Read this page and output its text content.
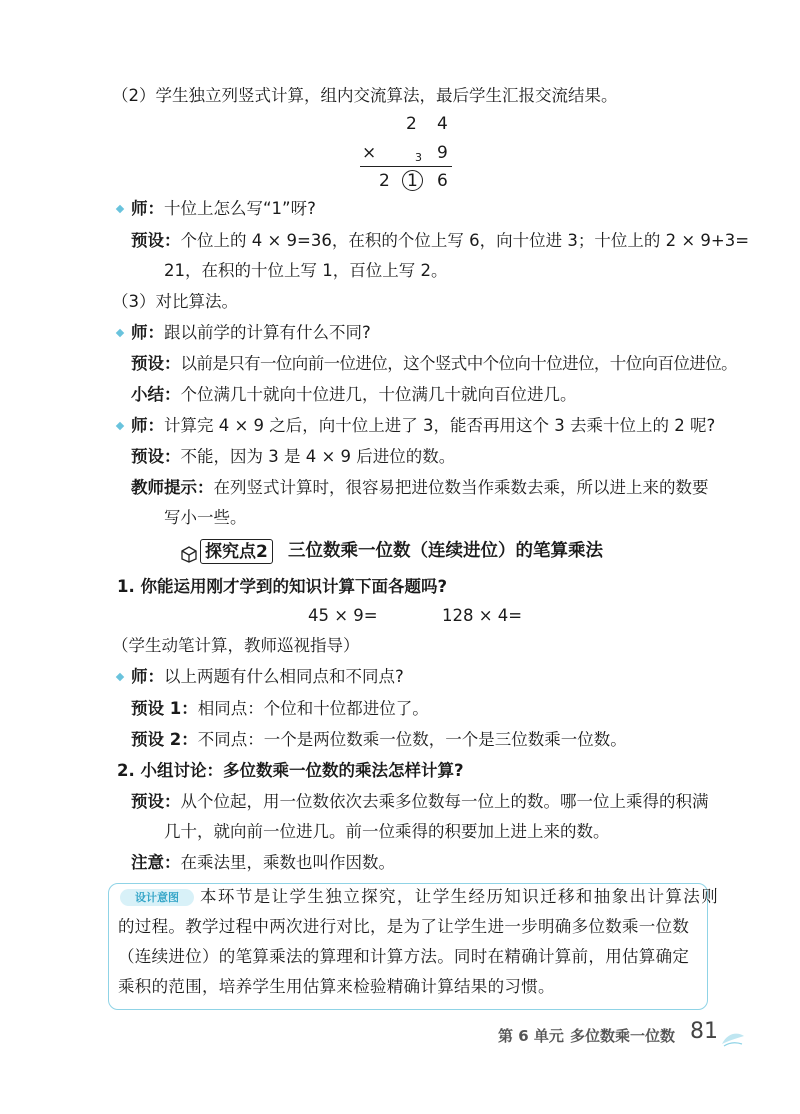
（2）学生独立列竖式计算，组内交流算法，最后学生汇报交流结果。
2 4
×	3 9
2 1 6
师：十位上怎么写“1”呀?
预设：个位上的 4 × 9=36，在积的个位上写 6，向十位进 3；十位上的 2 × 9+3=
21，在积的十位上写 1，百位上写 2。
（3）对比算法。
师：跟以前学的计算有什么不同?
预设：以前是只有一位向前一位进位，这个竖式中个位向十位进位，十位向百位进位。
小结：个位满几十就向十位进几，十位满几十就向百位进几。
师：计算完 4 × 9 之后，向十位上进了 3，能否再用这个 3 去乘十位上的 2 呢?
预设：不能，因为 3 是 4 × 9 后进位的数。
教师提示：在列竖式计算时，很容易把进位数当作乘数去乘，所以进上来的数要
写小一些。
探究点2 三位数乘一位数（连续进位）的笔算乘法
1. 你能运用刚才学到的知识计算下面各题吗?
45 × 9=	128 × 4=
（学生动笔计算，教师巡视指导）
师：以上两题有什么相同点和不同点?
预设 1：相同点：个位和十位都进位了。
预设 2：不同点：一个是两位数乘一位数，一个是三位数乘一位数。
2. 小组讨论：多位数乘一位数的乘法怎样计算?
预设：从个位起，用一位数依次去乘多位数每一位上的数。哪一位上乘得的积满
几十，就向前一位进几。前一位乘得的积要加上进上来的数。
注意：在乘法里，乘数也叫作因数。
设计意图	本环节是让学生独立探究，让学生经历知识迁移和抽象出计算法则
的过程。教学过程中两次进行对比，是为了让学生进一步明确多位数乘一位数
（连续进位）的笔算乘法的算理和计算方法。同时在精确计算前，用估算确定
乘积的范围，培养学生用估算来检验精确计算结果的习惯。
第 6 单元 多位数乘一位数 81
